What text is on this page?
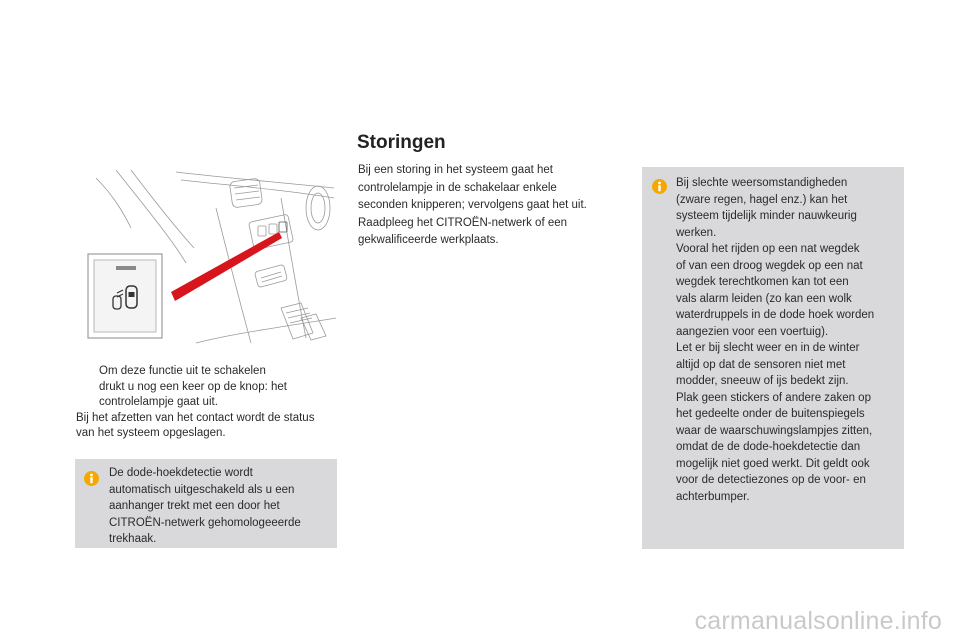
Om deze functie uit te schakelen
drukt u nog een keer op de knop: het
controlelampje gaat uit.
Bij het afzetten van het contact wordt de status
van het systeem opgeslagen.
De dode-hoekdetectie wordt
automatisch uitgeschakeld als u een
aanhanger trekt met een door het
CITROËN-netwerk gehomologeeerde
trekhaak.
Storingen
Bij een storing in het systeem gaat het
controlelampje in de schakelaar enkele
seconden knipperen; vervolgens gaat het uit.
Raadpleeg het CITROËN-netwerk of een
gekwalificeerde werkplaats.
Bij slechte weersomstandigheden
(zware regen, hagel enz.) kan het
systeem tijdelijk minder nauwkeurig
werken.
Vooral het rijden op een nat wegdek
of van een droog wegdek op een nat
wegdek terechtkomen kan tot een
vals alarm leiden (zo kan een wolk
waterdruppels in de dode hoek worden
aangezien voor een voertuig).
Let er bij slecht weer en in de winter
altijd op dat de sensoren niet met
modder, sneeuw of ijs bedekt zijn.
Plak geen stickers of andere zaken op
het gedeelte onder de buitenspiegels
waar de waarschuwingslampjes zitten,
omdat de de dode-hoekdetectie dan
mogelijk niet goed werkt. Dit geldt ook
voor de detectiezones op de voor- en
achterbumper.
carmanualsonline.info
